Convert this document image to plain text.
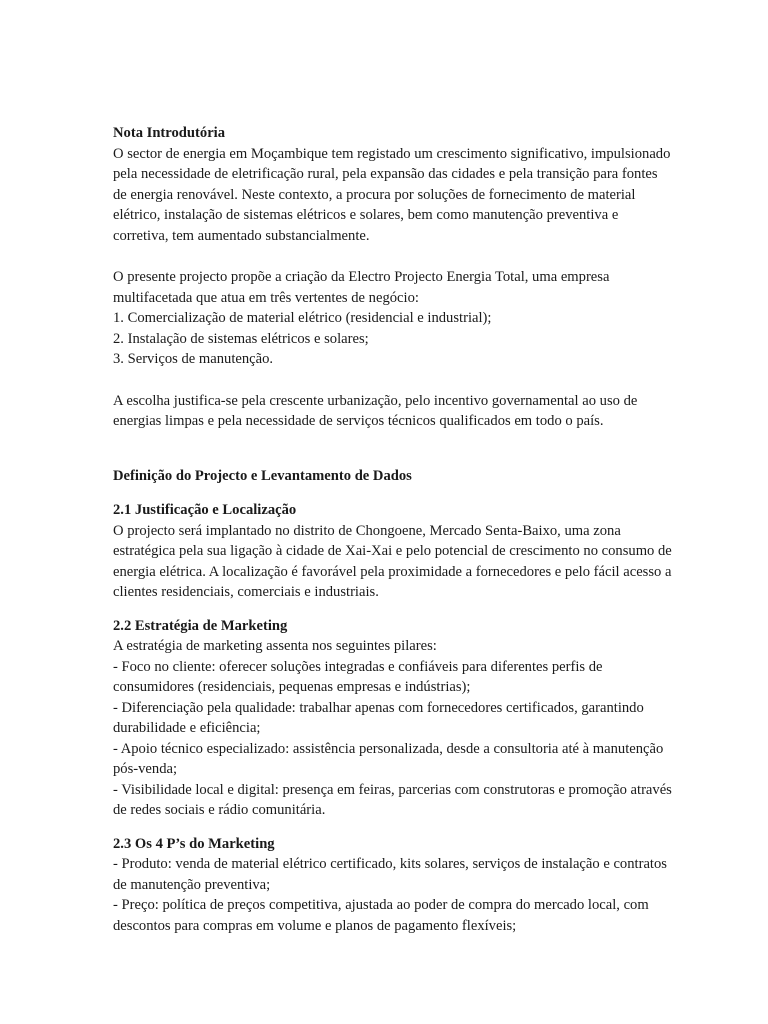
Nota Introdutória

O sector de energia em Moçambique tem registado um crescimento significativo, impulsionado pela necessidade de eletrificação rural, pela expansão das cidades e pela transição para fontes de energia renovável. Neste contexto, a procura por soluções de fornecimento de material elétrico, instalação de sistemas elétricos e solares, bem como manutenção preventiva e corretiva, tem aumentado substancialmente.

O presente projecto propõe a criação da Electro Projecto Energia Total, uma empresa multifacetada que atua em três vertentes de negócio:

1. Comercialização de material elétrico (residencial e industrial);

2. Instalação de sistemas elétricos e solares;

3. Serviços de manutenção.

A escolha justifica-se pela crescente urbanização, pelo incentivo governamental ao uso de energias limpas e pela necessidade de serviços técnicos qualificados em todo o país.

Definição do Projecto e Levantamento de Dados

2.1 Justificação e Localização

O projecto será implantado no distrito de Chongoene, Mercado Senta-Baixo, uma zona estratégica pela sua ligação à cidade de Xai-Xai e pelo potencial de crescimento no consumo de energia elétrica. A localização é favorável pela proximidade a fornecedores e pelo fácil acesso a clientes residenciais, comerciais e industriais.

2.2 Estratégia de Marketing

A estratégia de marketing assenta nos seguintes pilares:

- Foco no cliente: oferecer soluções integradas e confiáveis para diferentes perfis de consumidores (residenciais, pequenas empresas e indústrias);

- Diferenciação pela qualidade: trabalhar apenas com fornecedores certificados, garantindo durabilidade e eficiência;

- Apoio técnico especializado: assistência personalizada, desde a consultoria até à manutenção pós-venda;

- Visibilidade local e digital: presença em feiras, parcerias com construtoras e promoção através de redes sociais e rádio comunitária.

2.3 Os 4 P’s do Marketing

- Produto: venda de material elétrico certificado, kits solares, serviços de instalação e contratos de manutenção preventiva;

- Preço: política de preços competitiva, ajustada ao poder de compra do mercado local, com descontos para compras em volume e planos de pagamento flexíveis;
